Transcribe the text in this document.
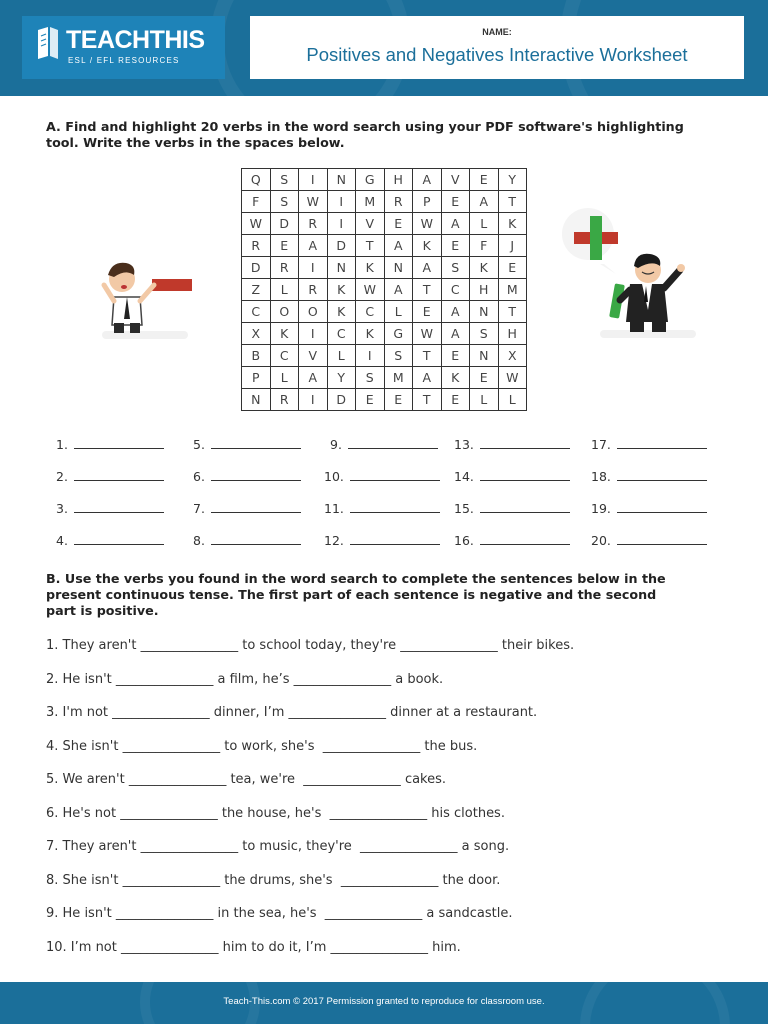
TEACHTHIS
ESL / EFL RESOURCES
NAME:
Positives and Negatives Interactive Worksheet
A. Find and highlight 20 verbs in the word search using your PDF software's highlighting
tool. Write the verbs in the spaces below.
Q	S	I	N	G	H	A	V	E	Y
F	S	W	I	M	R	P	E	A	T
W	D	R	I	V	E	W	A	L	K
R	E	A	D	T	A	K	E	F	J
D	R	I	N	K	N	A	S	K	E
Z	L	R	K	W	A	T	C	H	M
C	O	O	K	C	L	E	A	N	T
X	K	I	C	K	G	W	A	S	H
B	C	V	L	I	S	T	E	N	X
P	L	A	Y	S	M	A	K	E	W
N	R	I	D	E	E	T	E	L	L
1.
2.
3.
4.
5.
6.
7.
8.
9.
10.
11.
12.
13.
14.
15.
16.
17.
18.
19.
20.
B. Use the verbs you found in the word search to complete the sentences below in the
present continuous tense. The first part of each sentence is negative and the second
part is positive.
1. They aren't _______________ to school today, they're _______________ their bikes.
2. He isn't _______________ a film, he’s _______________ a book.
3. I'm not _______________ dinner, I’m _______________ dinner at a restaurant.
4. She isn't _______________ to work, she's  _______________ the bus.
5. We aren't _______________ tea, we're  _______________ cakes.
6. He's not _______________ the house, he's  _______________ his clothes.
7. They aren't _______________ to music, they're  _______________ a song.
8. She isn't _______________ the drums, she's  _______________ the door.
9. He isn't _______________ in the sea, he's  _______________ a sandcastle.
10. I’m not _______________ him to do it, I’m _______________ him.
Teach-This.com © 2017 Permission granted to reproduce for classroom use.
